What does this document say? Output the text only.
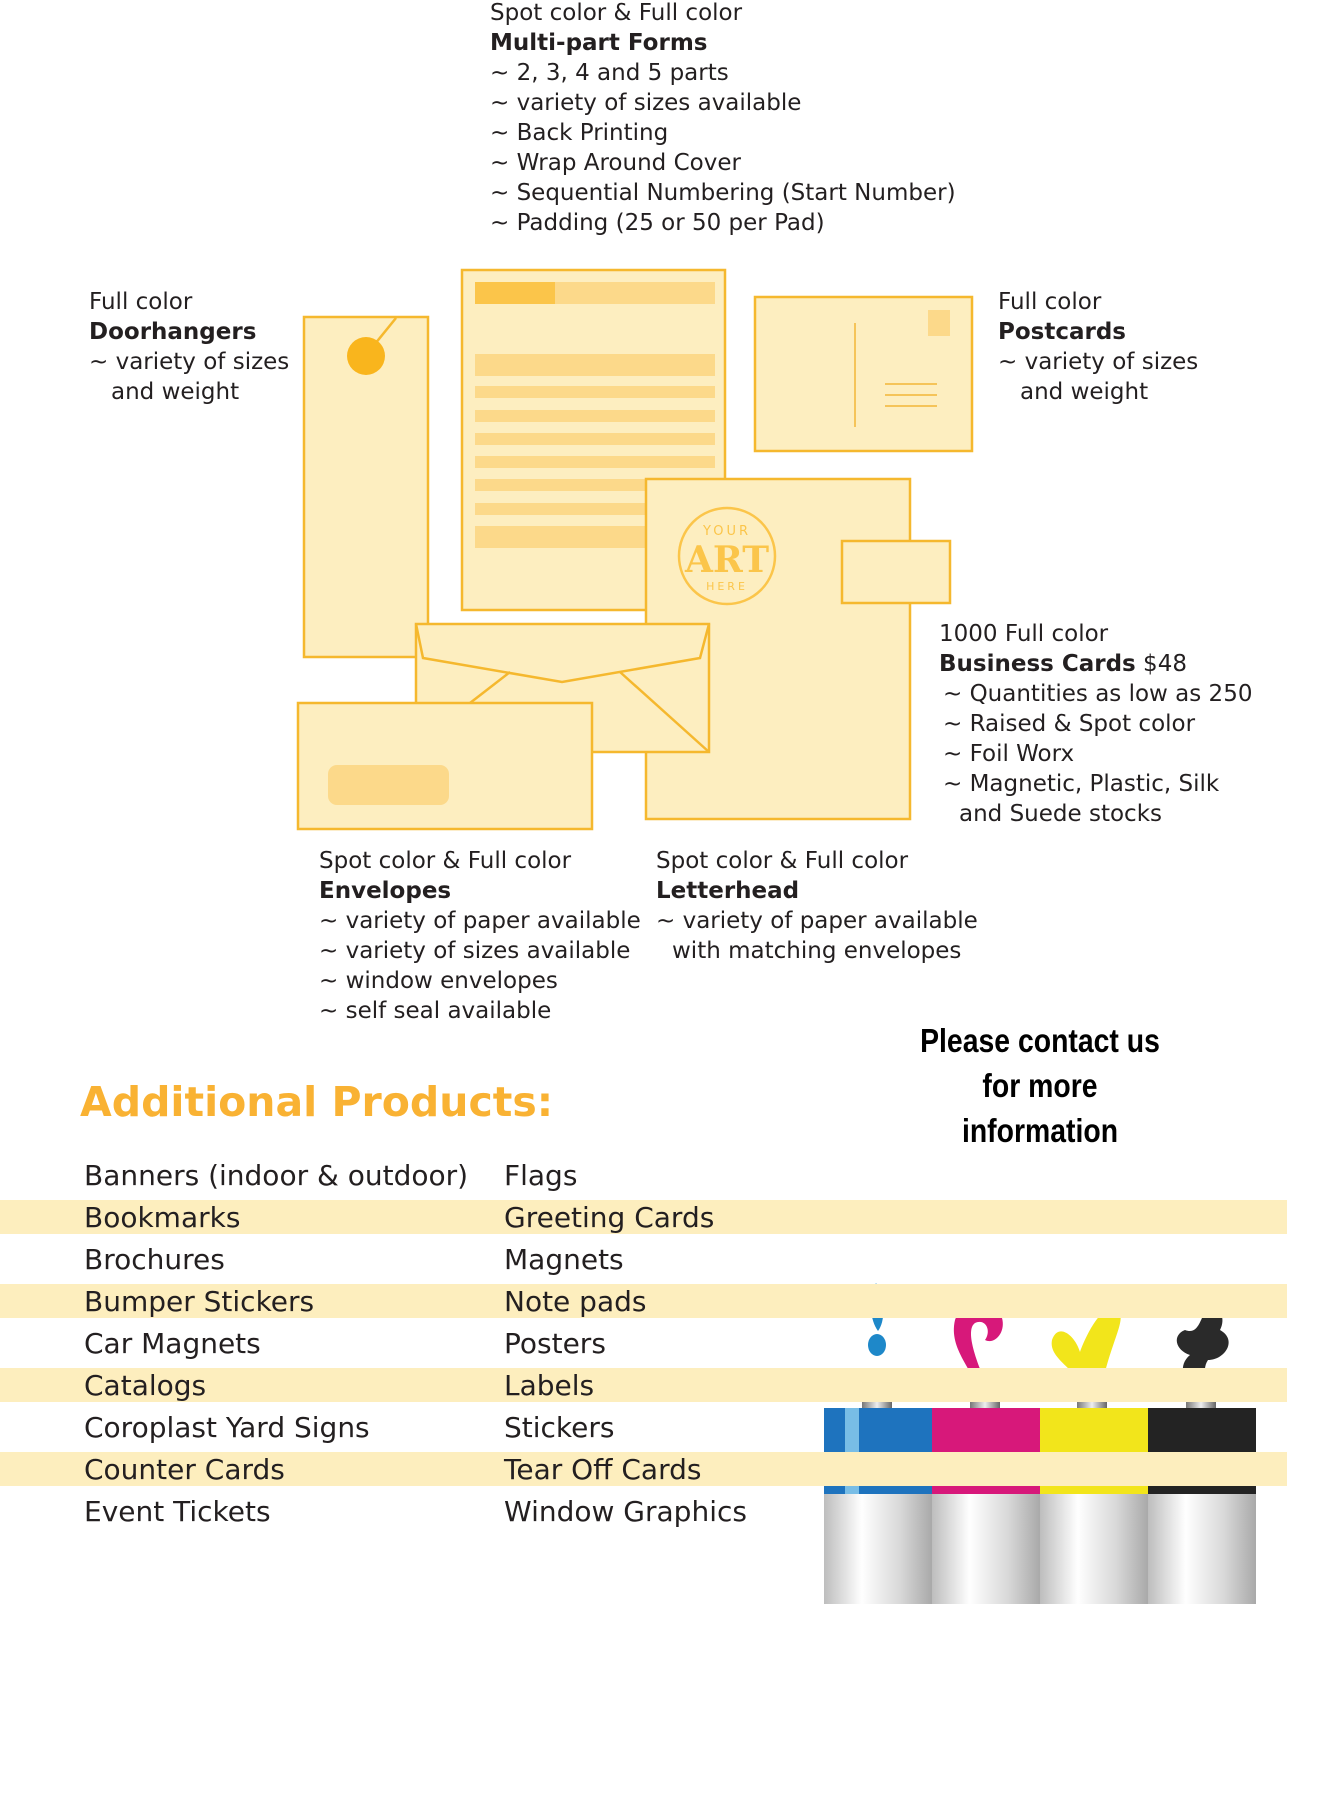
YOUR
ART
HERE
Spot color & Full color
Multi-part Forms
~ 2, 3, 4 and 5 parts
~ variety of sizes available
~ Back Printing
~ Wrap Around Cover
~ Sequential Numbering (Start Number)
~ Padding (25 or 50 per Pad)
Full color
Doorhangers
~ variety of sizes
and weight
Full color
Postcards
~ variety of sizes
and weight
1000 Full color
Business Cards $48
~ Quantities as low as 250
~ Raised & Spot color
~ Foil Worx
~ Magnetic, Plastic, Silk
and Suede stocks
Spot color & Full color
Envelopes
~ variety of paper available
~ variety of sizes available
~ window envelopes
~ self seal available
Spot color & Full color
Letterhead
~ variety of paper available
with matching envelopes
Please contact us
for more information
Additional Products:
Banners (indoor & outdoor)
Bookmarks
Brochures
Bumper Stickers
Car Magnets
Catalogs
Coroplast Yard Signs
Counter Cards
Event Tickets
Flags
Greeting Cards
Magnets
Note pads
Posters
Labels
Stickers
Tear Off Cards
Window Graphics
